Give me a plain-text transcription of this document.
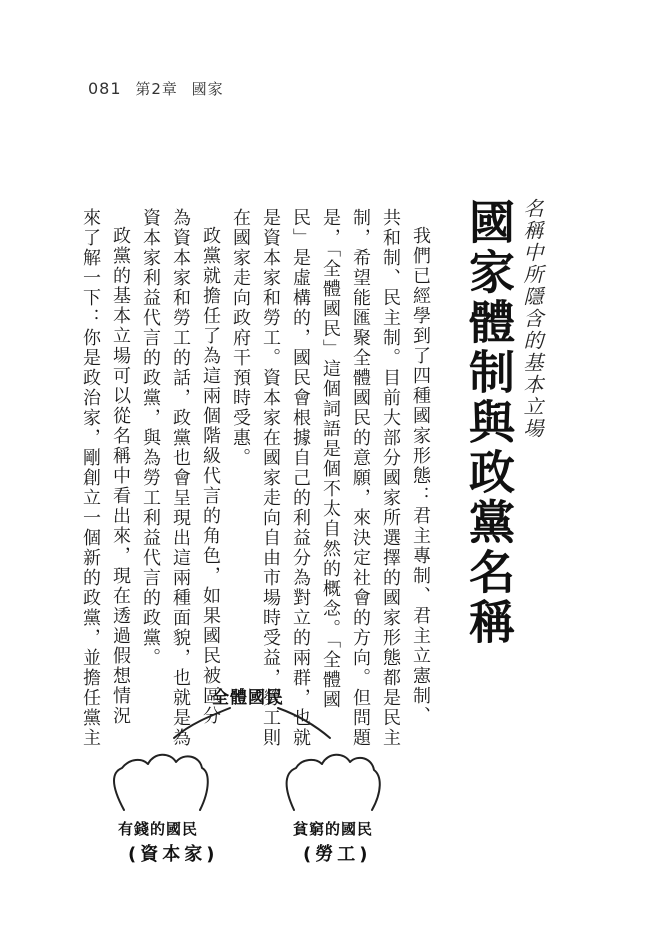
081 第2章 國家
名稱中所隱含的基本立場
國家體制與政黨名稱
我們已經學到了四種國家形態：君主專制、君主立憲制、
共和制、民主制。目前大部分國家所選擇的國家形態都是民主
制，希望能匯聚全體國民的意願，來決定社會的方向。但問題
是，「全體國民」這個詞語是個不太自然的概念。「全體國
民」是虛構的，國民會根據自己的利益分為對立的兩群，也就
是資本家和勞工。資本家在國家走向自由市場時受益，勞工則
在國家走向政府干預時受惠。
政黨就擔任了為這兩個階級代言的角色，如果國民被區分
為資本家和勞工的話，政黨也會呈現出這兩種面貌，也就是為
資本家利益代言的政黨，與為勞工利益代言的政黨。
政黨的基本立場可以從名稱中看出來，現在透過假想情況
來了解一下：你是政治家，剛創立一個新的政黨，並擔任黨主	全體國民
有錢的國民
(資本家)
貧窮的國民
(勞工)
